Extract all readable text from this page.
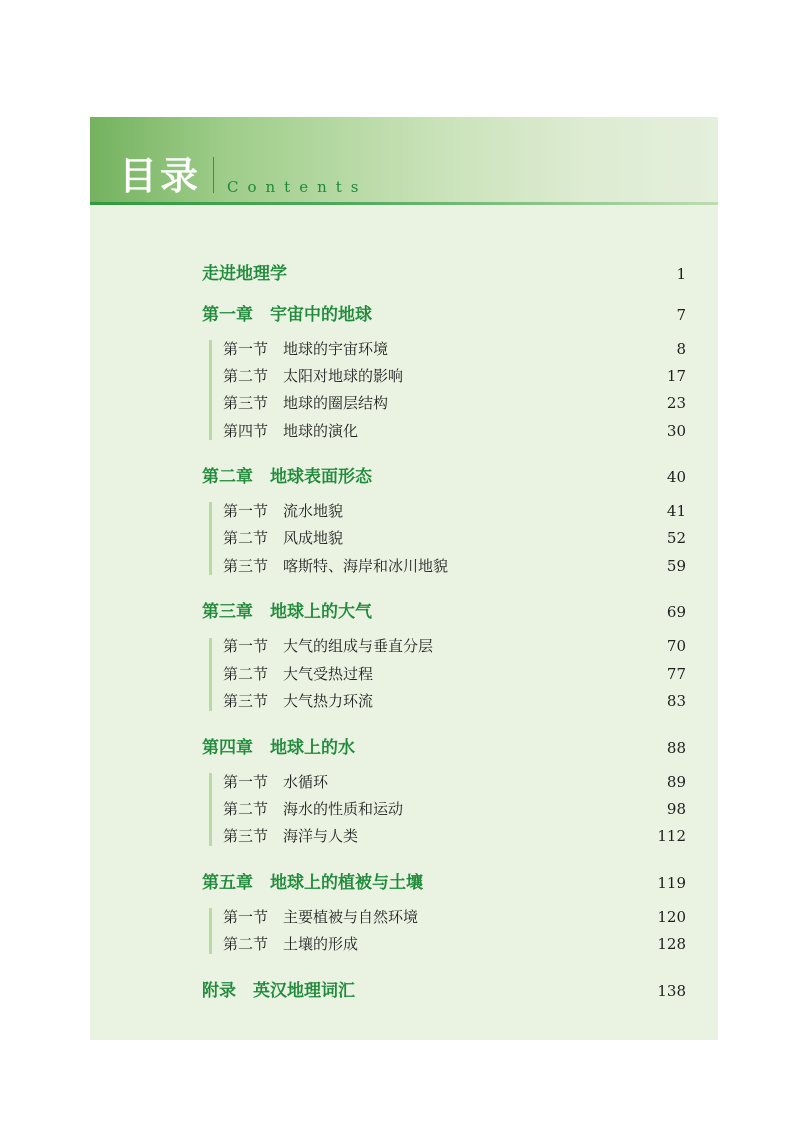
目录 Contents
走进地理学	1
第一章　宇宙中的地球	7
第一节　地球的宇宙环境	8
第二节　太阳对地球的影响	17
第三节　地球的圈层结构	23
第四节　地球的演化	30
第二章　地球表面形态	40
第一节　流水地貌	41
第二节　风成地貌	52
第三节　喀斯特、海岸和冰川地貌	59
第三章　地球上的大气	69
第一节　大气的组成与垂直分层	70
第二节　大气受热过程	77
第三节　大气热力环流	83
第四章　地球上的水	88
第一节　水循环	89
第二节　海水的性质和运动	98
第三节　海洋与人类	112
第五章　地球上的植被与土壤	119
第一节　主要植被与自然环境	120
第二节　土壤的形成	128
附录　英汉地理词汇	138
